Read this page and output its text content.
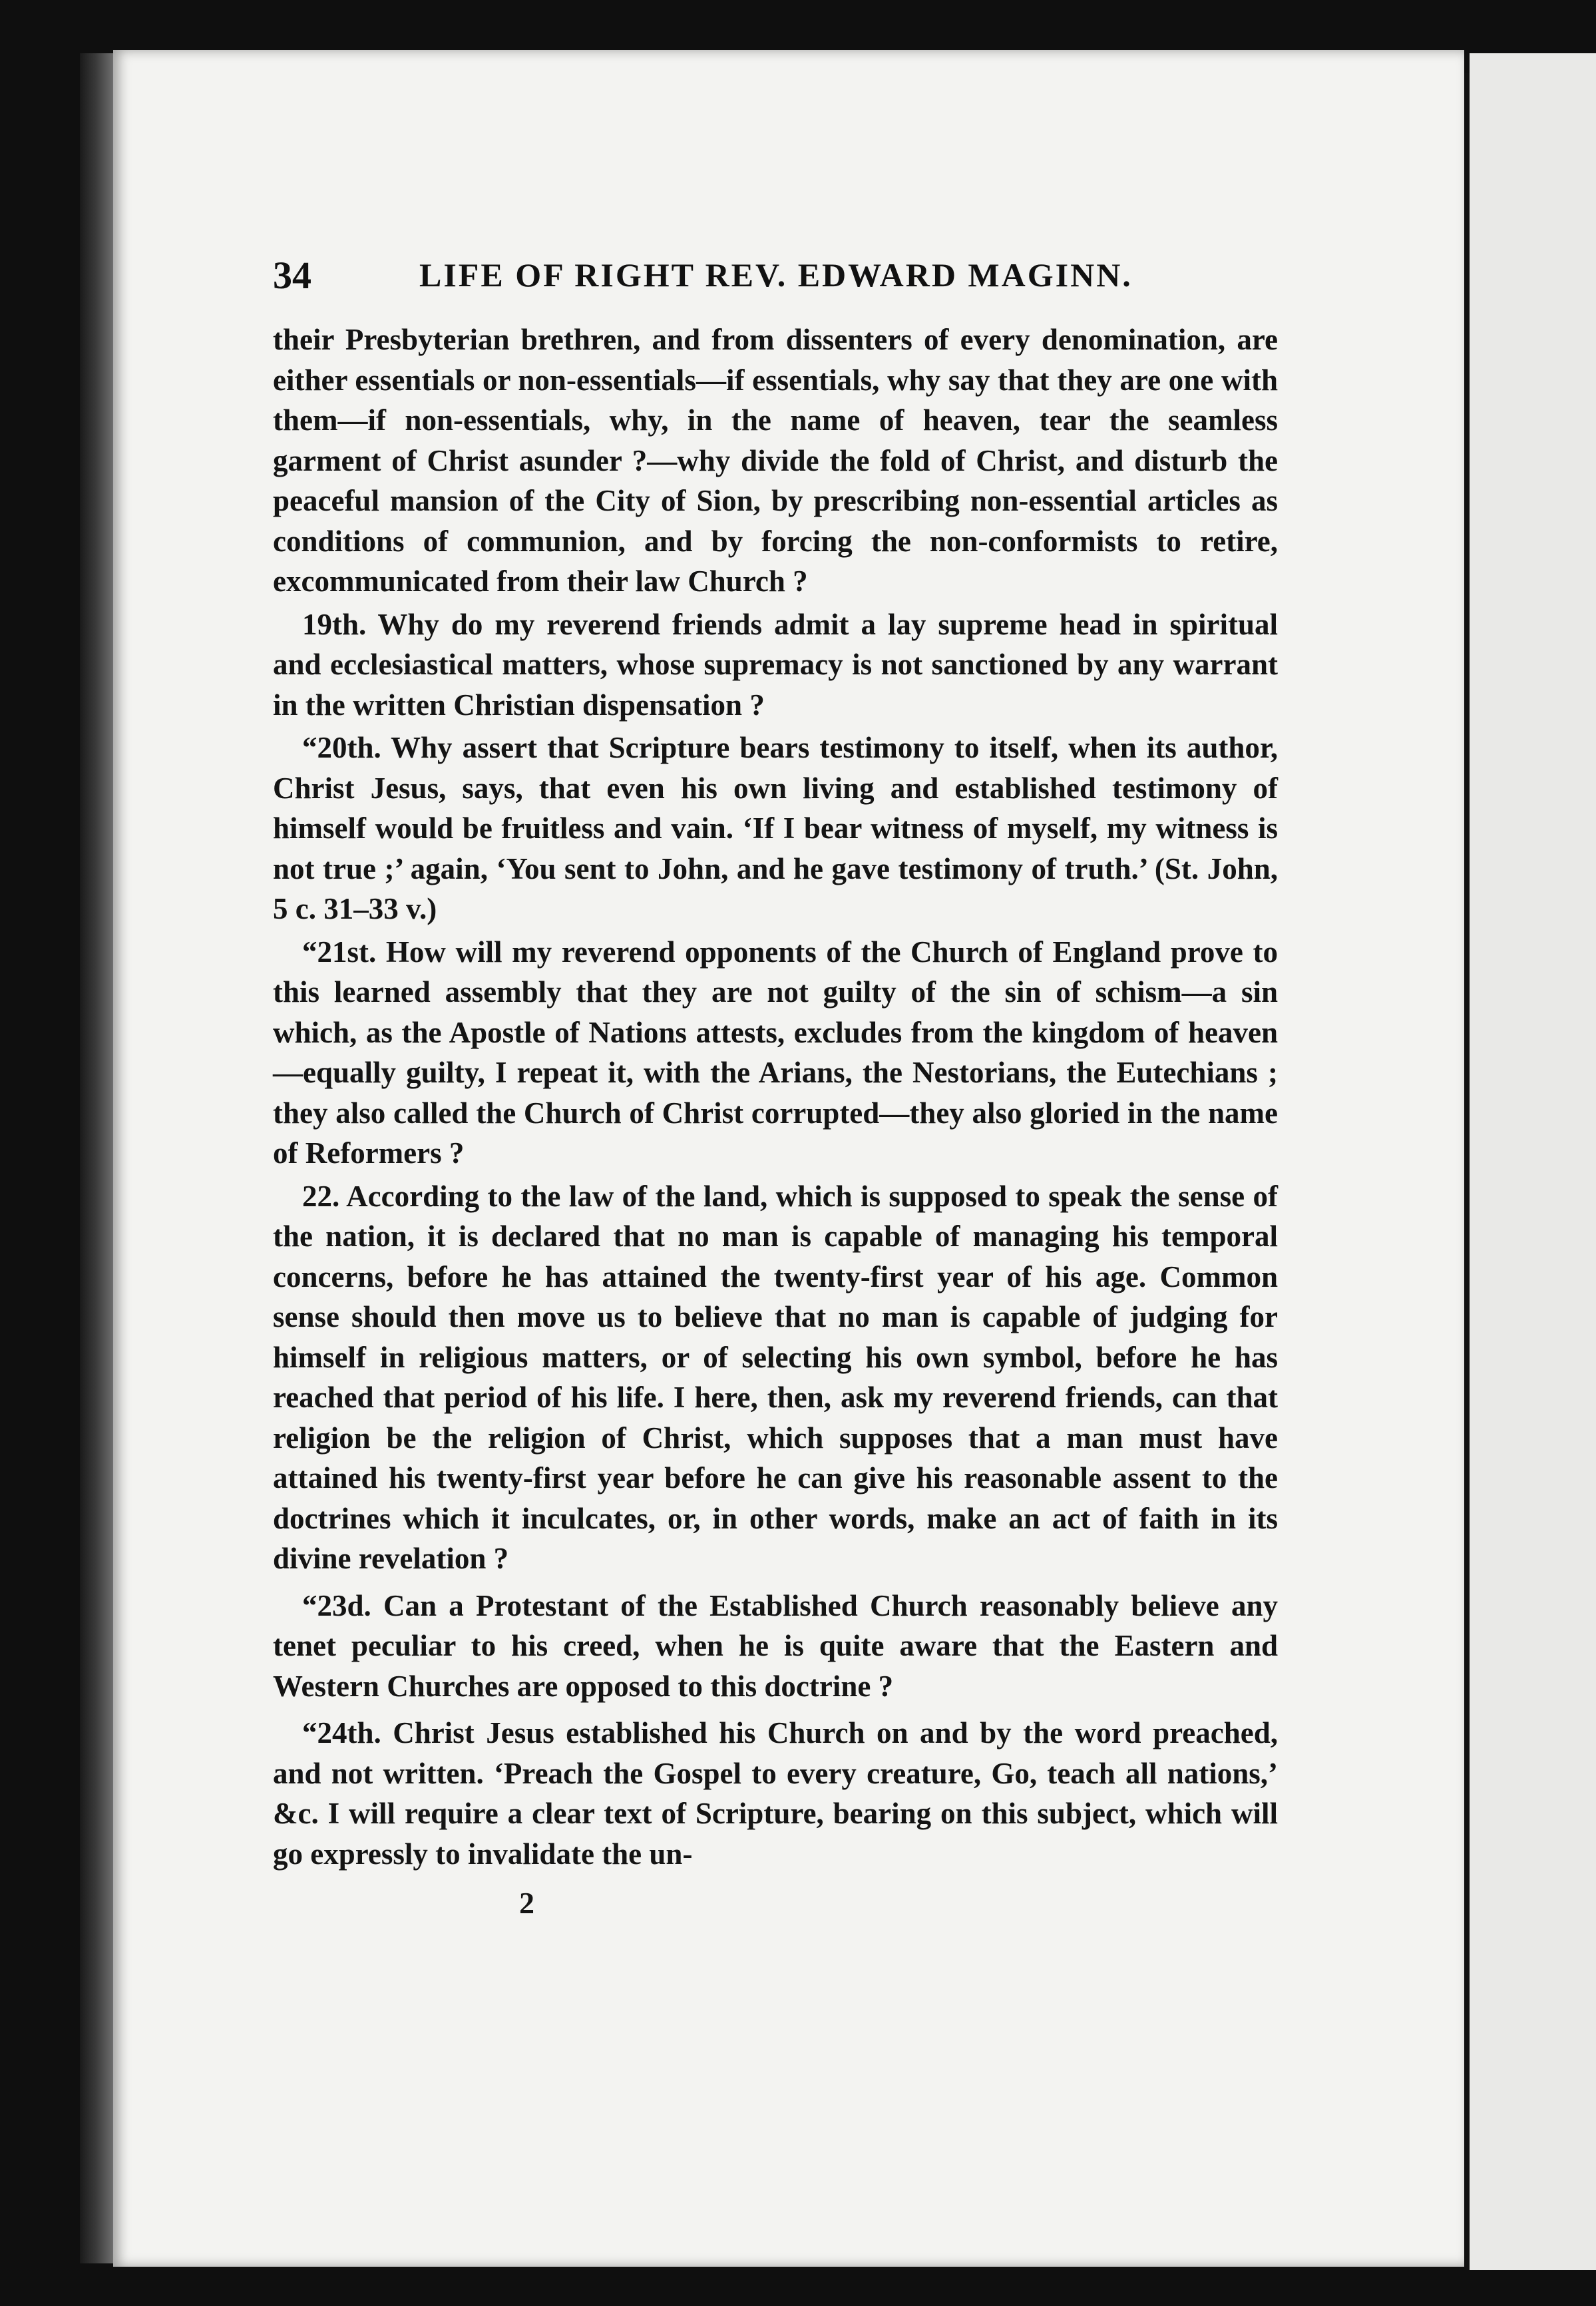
34	LIFE OF RIGHT REV. EDWARD MAGINN.

their Presbyterian brethren, and from dissenters of every denomination, are either essentials or non-essentials—if essentials, why say that they are one with them—if non-essentials, why, in the name of heaven, tear the seamless garment of Christ asunder ?—why divide the fold of Christ, and disturb the peaceful mansion of the City of Sion, by prescribing non-essential articles as conditions of communion, and by forcing the non-conformists to retire, excommunicated from their law Church ?

19th. Why do my reverend friends admit a lay supreme head in spiritual and ecclesiastical matters, whose supremacy is not sanctioned by any warrant in the written Christian dispensation ?

“20th. Why assert that Scripture bears testimony to itself, when its author, Christ Jesus, says, that even his own living and established testimony of himself would be fruitless and vain. ‘If I bear witness of myself, my witness is not true ;’ again, ‘You sent to John, and he gave testimony of truth.’ (St. John, 5 c. 31–33 v.)

“21st. How will my reverend opponents of the Church of England prove to this learned assembly that they are not guilty of the sin of schism—a sin which, as the Apostle of Nations attests, excludes from the kingdom of heaven—equally guilty, I repeat it, with the Arians, the Nestorians, the Eutechians ; they also called the Church of Christ corrupted—they also gloried in the name of Reformers ?

22. According to the law of the land, which is supposed to speak the sense of the nation, it is declared that no man is capable of managing his temporal concerns, before he has attained the twenty-first year of his age. Common sense should then move us to believe that no man is capable of judging for himself in religious matters, or of selecting his own symbol, before he has reached that period of his life. I here, then, ask my reverend friends, can that religion be the religion of Christ, which supposes that a man must have attained his twenty-first year before he can give his reasonable assent to the doctrines which it inculcates, or, in other words, make an act of faith in its divine revelation ?

“23d. Can a Protestant of the Established Church reasonably believe any tenet peculiar to his creed, when he is quite aware that the Eastern and Western Churches are opposed to this doctrine ?

“24th. Christ Jesus established his Church on and by the word preached, and not written. ‘Preach the Gospel to every creature, Go, teach all nations,’ &c. I will require a clear text of Scripture, bearing on this subject, which will go expressly to invalidate the un-

2
